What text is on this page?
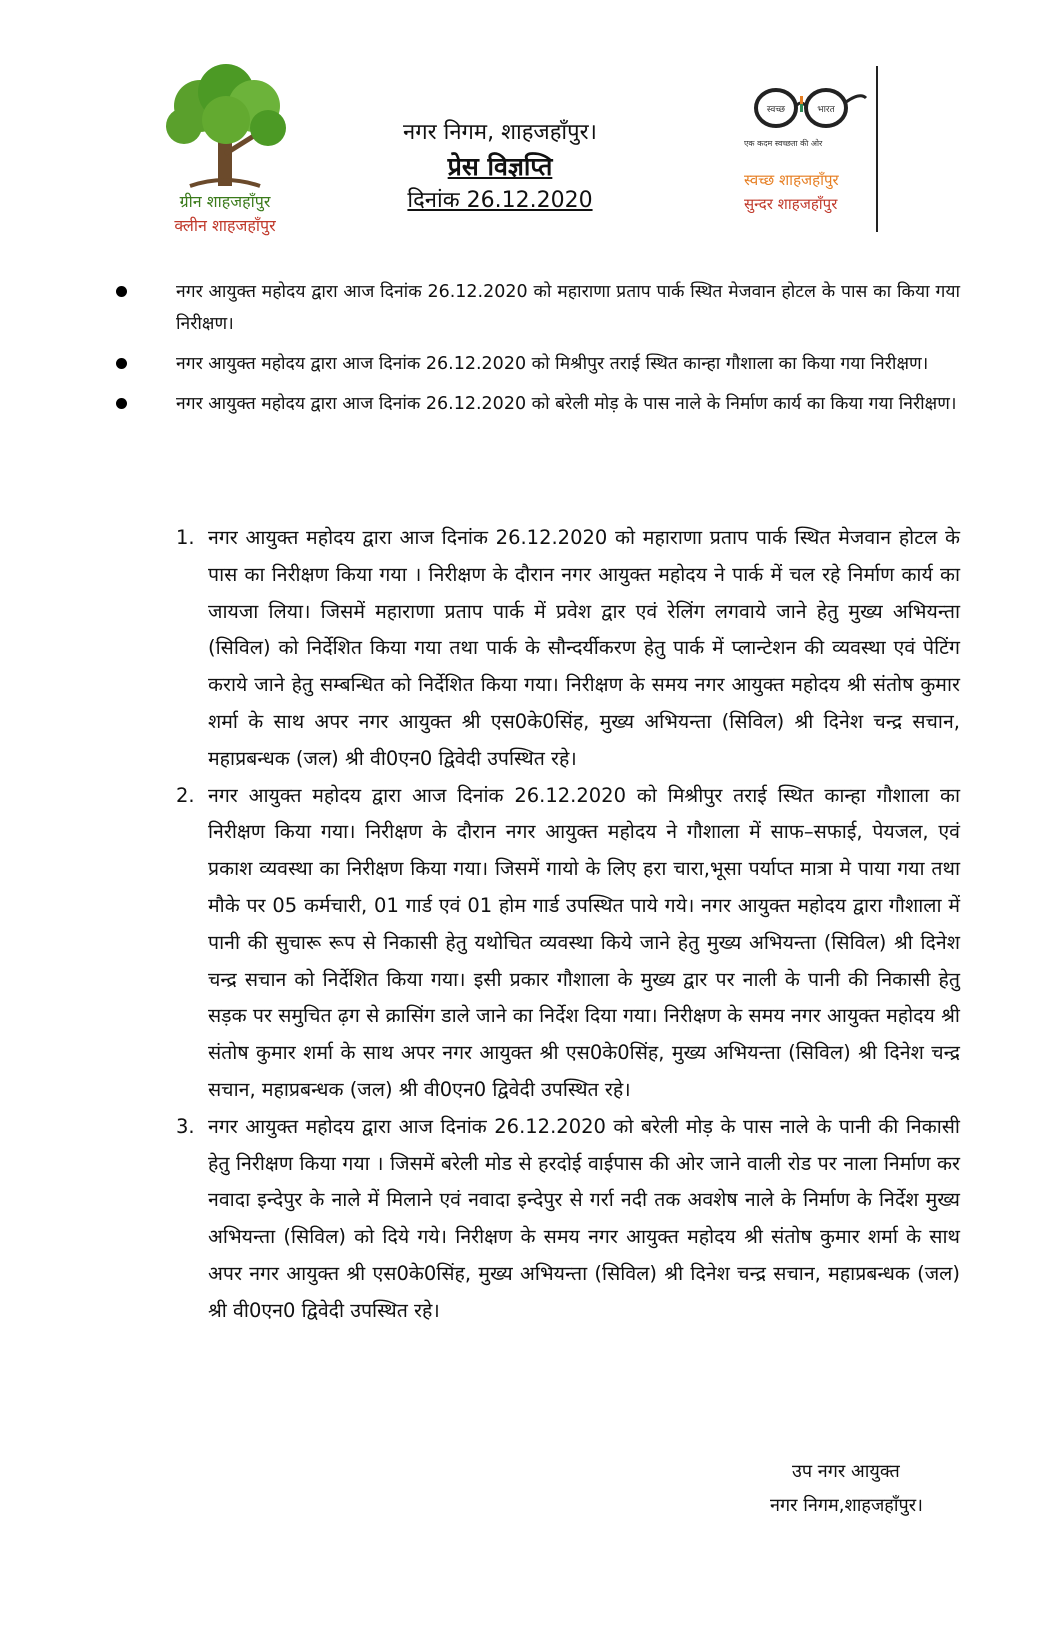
ग्रीन शाहजहाँपुर
क्लीन शाहजहाँपुर
नगर निगम, शाहजहाँपुर।
प्रेस विज्ञप्ति
दिनांक 26.12.2020
स्वच्छ	भारत
एक कदम स्वच्छता की ओर
स्वच्छ शाहजहाँपुर
सुन्दर शाहजहाँपुर
नगर आयुक्त महोदय द्वारा आज दिनांक 26.12.2020 को महाराणा प्रताप पार्क स्थित मेजवान होटल के पास का किया गया निरीक्षण।
नगर आयुक्त महोदय द्वारा आज दिनांक 26.12.2020 को मिश्रीपुर तराई स्थित कान्हा गौशाला का किया गया निरीक्षण।
नगर आयुक्त महोदय द्वारा आज दिनांक 26.12.2020 को बरेली मोड़ के पास नाले के निर्माण कार्य का किया गया निरीक्षण।
1. नगर आयुक्त महोदय द्वारा आज दिनांक 26.12.2020 को महाराणा प्रताप पार्क स्थित मेजवान होटल के पास का निरीक्षण किया गया । निरीक्षण के दौरान नगर आयुक्त महोदय ने पार्क में चल रहे निर्माण कार्य का जायजा लिया। जिसमें महाराणा प्रताप पार्क में प्रवेश द्वार एवं रेलिंग लगवाये जाने हेतु मुख्य अभियन्ता (सिविल) को निर्देशित किया गया तथा पार्क के सौन्दर्यीकरण हेतु पार्क में प्लान्टेशन की व्यवस्था एवं पेटिंग कराये जाने हेतु सम्बन्धित को निर्देशित किया गया। निरीक्षण के समय नगर आयुक्त महोदय श्री संतोष कुमार शर्मा के साथ अपर नगर आयुक्त श्री एस0के0सिंह, मुख्य अभियन्ता (सिविल) श्री दिनेश चन्द्र सचान, महाप्रबन्धक (जल) श्री वी0एन0 द्विवेदी उपस्थित रहे।
2. नगर आयुक्त महोदय द्वारा आज दिनांक 26.12.2020 को मिश्रीपुर तराई स्थित कान्हा गौशाला का निरीक्षण किया गया। निरीक्षण के दौरान नगर आयुक्त महोदय ने गौशाला में साफ–सफाई, पेयजल, एवं प्रकाश व्यवस्था का निरीक्षण किया गया। जिसमें गायो के लिए हरा चारा,भूसा पर्याप्त मात्रा मे पाया गया तथा मौके पर 05 कर्मचारी, 01 गार्ड एवं 01 होम गार्ड उपस्थित पाये गये। नगर आयुक्त महोदय द्वारा गौशाला में पानी की सुचारू रूप से निकासी हेतु यथोचित व्यवस्था किये जाने हेतु मुख्य अभियन्ता (सिविल) श्री दिनेश चन्द्र सचान को निर्देशित किया गया। इसी प्रकार गौशाला के मुख्य द्वार पर नाली के पानी की निकासी हेतु सड़क पर समुचित ढ़ग से क्रासिंग डाले जाने का निर्देश दिया गया। निरीक्षण के समय नगर आयुक्त महोदय श्री संतोष कुमार शर्मा के साथ अपर नगर आयुक्त श्री एस0के0सिंह, मुख्य अभियन्ता (सिविल) श्री दिनेश चन्द्र सचान, महाप्रबन्धक (जल) श्री वी0एन0 द्विवेदी उपस्थित रहे।
3. नगर आयुक्त महोदय द्वारा आज दिनांक 26.12.2020 को बरेली मोड़ के पास नाले के पानी की निकासी हेतु निरीक्षण किया गया । जिसमें बरेली मोड से हरदोई वाईपास की ओर जाने वाली रोड पर नाला निर्माण कर नवादा इन्देपुर के नाले में मिलाने एवं नवादा इन्देपुर से गर्रा नदी तक अवशेष नाले के निर्माण के निर्देश मुख्य अभियन्ता (सिविल) को दिये गये। निरीक्षण के समय नगर आयुक्त महोदय श्री संतोष कुमार शर्मा के साथ अपर नगर आयुक्त श्री एस0के0सिंह, मुख्य अभियन्ता (सिविल) श्री दिनेश चन्द्र सचान, महाप्रबन्धक (जल) श्री वी0एन0 द्विवेदी उपस्थित रहे।
उप नगर आयुक्त
नगर निगम,शाहजहाँपुर।
